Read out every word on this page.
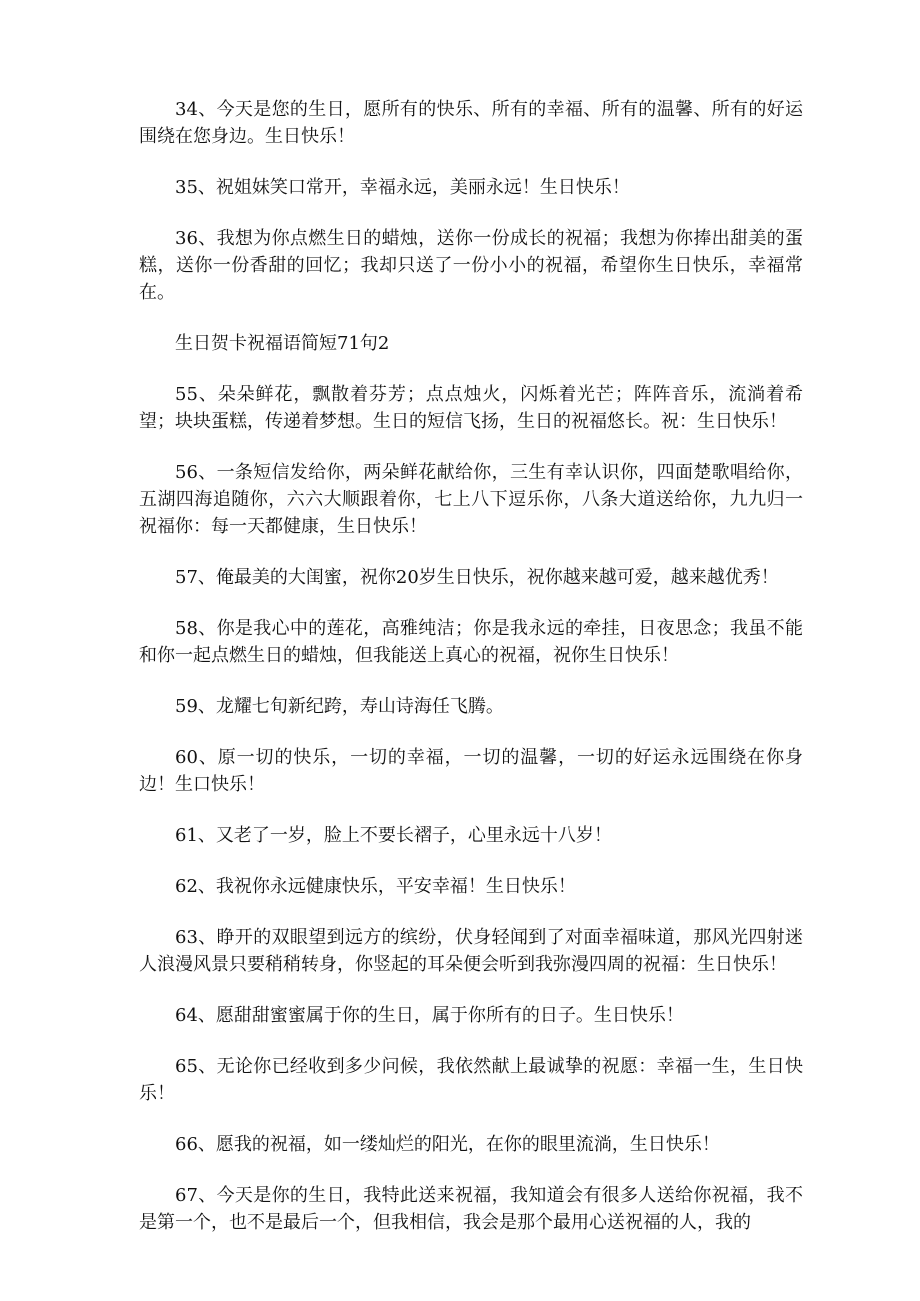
34、今天是您的生日，愿所有的快乐、所有的幸福、所有的温馨、所有的好运围绕在您身边。生日快乐！

35、祝姐妹笑口常开，幸福永远，美丽永远！生日快乐！

36、我想为你点燃生日的蜡烛，送你一份成长的祝福；我想为你捧出甜美的蛋糕，送你一份香甜的回忆；我却只送了一份小小的祝福，希望你生日快乐，幸福常在。

生日贺卡祝福语简短71句2

55、朵朵鲜花，飘散着芬芳；点点烛火，闪烁着光芒；阵阵音乐，流淌着希望；块块蛋糕，传递着梦想。生日的短信飞扬，生日的祝福悠长。祝：生日快乐！

56、一条短信发给你，两朵鲜花献给你，三生有幸认识你，四面楚歌唱给你，五湖四海追随你，六六大顺跟着你，七上八下逗乐你，八条大道送给你，九九归一祝福你：每一天都健康，生日快乐！

57、俺最美的大闺蜜，祝你20岁生日快乐，祝你越来越可爱，越来越优秀！

58、你是我心中的莲花，高雅纯洁；你是我永远的牵挂，日夜思念；我虽不能和你一起点燃生日的蜡烛，但我能送上真心的祝福，祝你生日快乐！

59、龙耀七旬新纪跨，寿山诗海任飞腾。

60、原一切的快乐，一切的幸福，一切的温馨，一切的好运永远围绕在你身边！生口快乐！

61、又老了一岁，脸上不要长褶子，心里永远十八岁！

62、我祝你永远健康快乐，平安幸福！生日快乐！

63、睁开的双眼望到远方的缤纷，伏身轻闻到了对面幸福味道，那风光四射迷人浪漫风景只要稍稍转身，你竖起的耳朵便会听到我弥漫四周的祝福：生日快乐！

64、愿甜甜蜜蜜属于你的生日，属于你所有的日子。生日快乐！

65、无论你已经收到多少问候，我依然献上最诚挚的祝愿：幸福一生，生日快乐！

66、愿我的祝福，如一缕灿烂的阳光，在你的眼里流淌，生日快乐！

67、今天是你的生日，我特此送来祝福，我知道会有很多人送给你祝福，我不是第一个，也不是最后一个，但我相信，我会是那个最用心送祝福的人，我的
